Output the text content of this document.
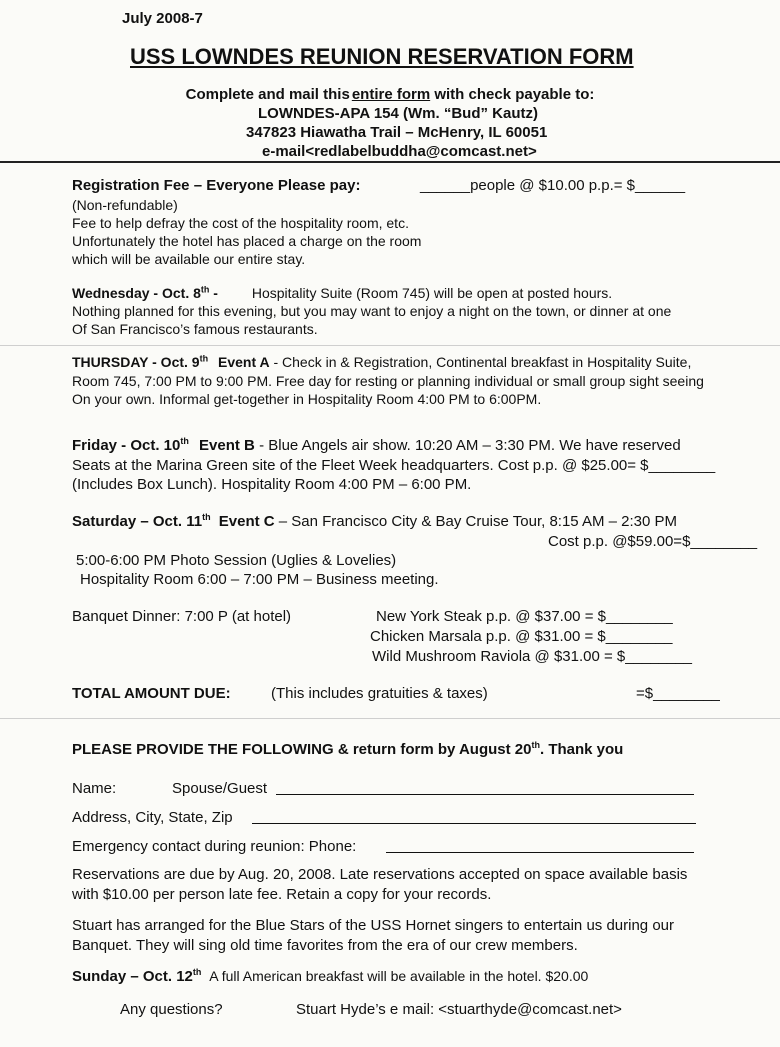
July 2008-7
USS LOWNDES REUNION RESERVATION FORM
Complete and mail this entire form with check payable to:
LOWNDES-APA 154 (Wm. “Bud” Kautz)
347823 Hiawatha Trail – McHenry, IL 60051
e-mail<redlabelbuddha@comcast.net>
Registration Fee – Everyone Please pay:	______people @ $10.00 p.p.= $______
(Non-refundable)
Fee to help defray the cost of the hospitality room, etc.
Unfortunately the hotel has placed a charge on the room
which will be available our entire stay.
Wednesday - Oct. 8th - Hospitality Suite (Room 745) will be open at posted hours.
Nothing planned for this evening, but you may want to enjoy a night on the town, or dinner at one
Of San Francisco’s famous restaurants.
THURSDAY - Oct. 9th Event A - Check in & Registration, Continental breakfast in Hospitality Suite,
Room 745, 7:00 PM to 9:00 PM. Free day for resting or planning individual or small group sight seeing
On your own. Informal get-together in Hospitality Room 4:00 PM to 6:00PM.
Friday - Oct. 10th Event B - Blue Angels air show. 10:20 AM – 3:30 PM. We have reserved
Seats at the Marina Green site of the Fleet Week headquarters. Cost p.p. @ $25.00= $________
(Includes Box Lunch). Hospitality Room 4:00 PM – 6:00 PM.
Saturday – Oct. 11th Event C – San Francisco City & Bay Cruise Tour, 8:15 AM – 2:30 PM
Cost p.p. @$59.00=$________
5:00-6:00 PM Photo Session (Uglies & Lovelies)
Hospitality Room 6:00 – 7:00 PM – Business meeting.
Banquet Dinner: 7:00 P (at hotel)	New York Steak p.p. @ $37.00 = $________
Chicken Marsala p.p. @ $31.00 = $________
Wild Mushroom Raviola @ $31.00 = $________
TOTAL AMOUNT DUE:	(This includes gratuities & taxes)	=$________
PLEASE PROVIDE THE FOLLOWING & return form by August 20th. Thank you
Name:	Spouse/Guest
Address, City, State, Zip
Emergency contact during reunion: Phone:
Reservations are due by Aug. 20, 2008. Late reservations accepted on space available basis
with $10.00 per person late fee. Retain a copy for your records.
Stuart has arranged for the Blue Stars of the USS Hornet singers to entertain us during our
Banquet. They will sing old time favorites from the era of our crew members.
Sunday – Oct. 12th A full American breakfast will be available in the hotel. $20.00
Any questions?	Stuart Hyde’s e mail: <stuarthyde@comcast.net>
